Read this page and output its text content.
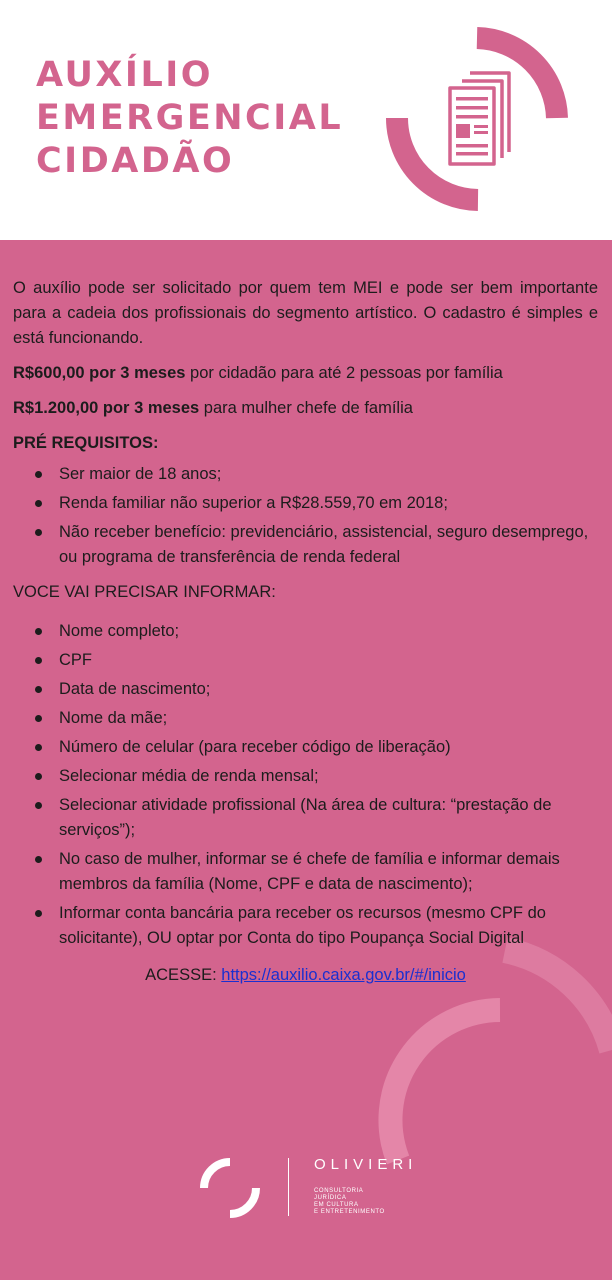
AUXÍLIO
EMERGENCIAL
CIDADÃO

O auxílio pode ser solicitado por quem tem MEI e pode ser bem importante para a cadeia dos profissionais do segmento artístico. O cadastro é simples e está funcionando.

R$600,00 por 3 meses por cidadão para até 2 pessoas por família

R$1.200,00 por 3 meses para mulher chefe de família

PRÉ REQUISITOS:

Ser maior de 18 anos;
Renda familiar não superior a R$28.559,70 em 2018;
Não receber benefício: previdenciário, assistencial, seguro desemprego, ou programa de transferência de renda federal

VOCE VAI PRECISAR INFORMAR:

Nome completo;
CPF
Data de nascimento;
Nome da mãe;
Número de celular (para receber código de liberação)
Selecionar média de renda mensal;
Selecionar atividade profissional (Na área de cultura: “prestação de serviços”);
No caso de mulher, informar se é chefe de família e informar demais membros da família (Nome, CPF e data de nascimento);
Informar conta bancária para receber os recursos (mesmo CPF do solicitante), OU optar por Conta do tipo Poupança Social Digital

ACESSE: https://auxilio.caixa.gov.br/#/inicio

OLIVIERI
CONSULTORIA
JURÍDICA
EM CULTURA
E ENTRETENIMENTO
